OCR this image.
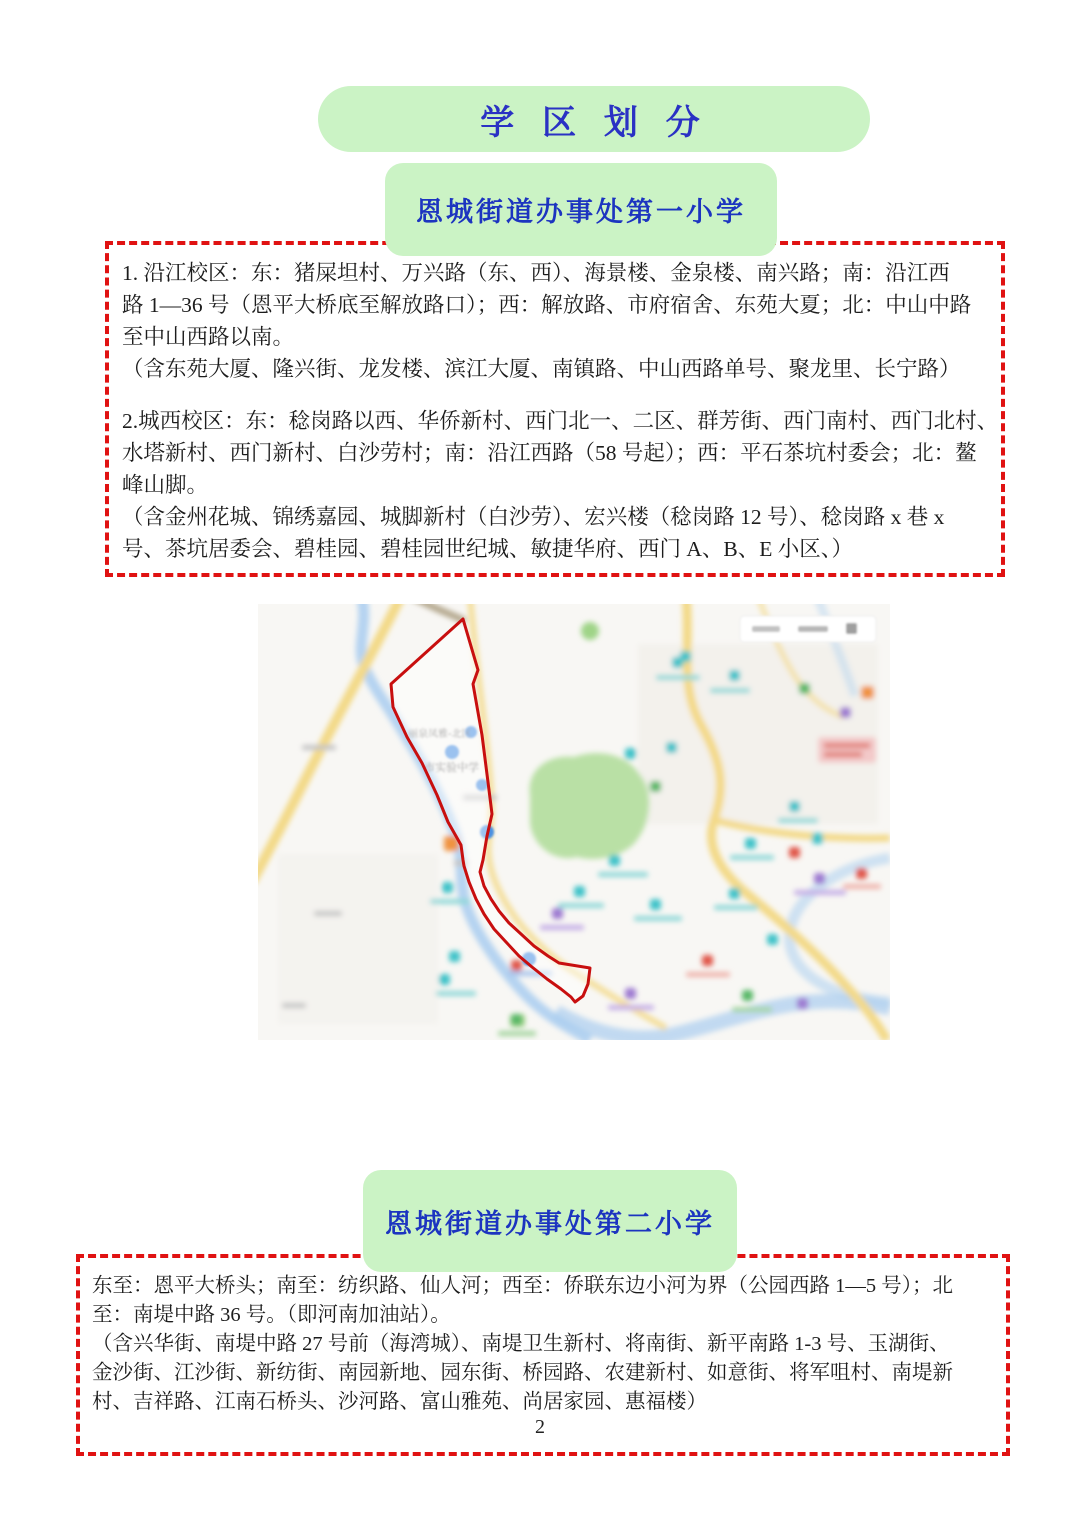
学 区 划 分
恩城街道办事处第一小学
1. 沿江校区：东：猪屎坦村、万兴路（东、西）、海景楼、金泉楼、南兴路；南：沿江西
路 1—36 号（恩平大桥底至解放路口）；西：解放路、市府宿舍、东苑大夏；北：中山中路
至中山西路以南。
（含东苑大厦、隆兴街、龙发楼、滨江大厦、南镇路、中山西路单号、聚龙里、长宁路）
2.城西校区：东：稔岗路以西、华侨新村、西门北一、二区、群芳街、西门南村、西门北村、
水塔新村、西门新村、白沙劳村；南：沿江西路（58 号起）；西：平石茶坑村委会；北：鳌
峰山脚。
（含金州花城、锦绣嘉园、城脚新村（白沙劳）、宏兴楼（稔岗路 12 号）、稔岗路 x 巷 x
号、茶坑居委会、碧桂园、碧桂园世纪城、敏捷华府、西门 A、B、E 小区、）
恩城街道办事处第二小学
东至：恩平大桥头；南至：纺织路、仙人河；西至：侨联东边小河为界（公园西路 1—5 号）；北
至：南堤中路 36 号。（即河南加油站）。
（含兴华街、南堤中路 27 号前（海湾城）、南堤卫生新村、将南街、新平南路 1-3 号、玉湖街、
金沙街、江沙街、新纺街、南园新地、园东街、桥园路、农建新村、如意街、将军咀村、南堤新
村、吉祥路、江南石桥头、沙河路、富山雅苑、尚居家园、惠福楼）
2
